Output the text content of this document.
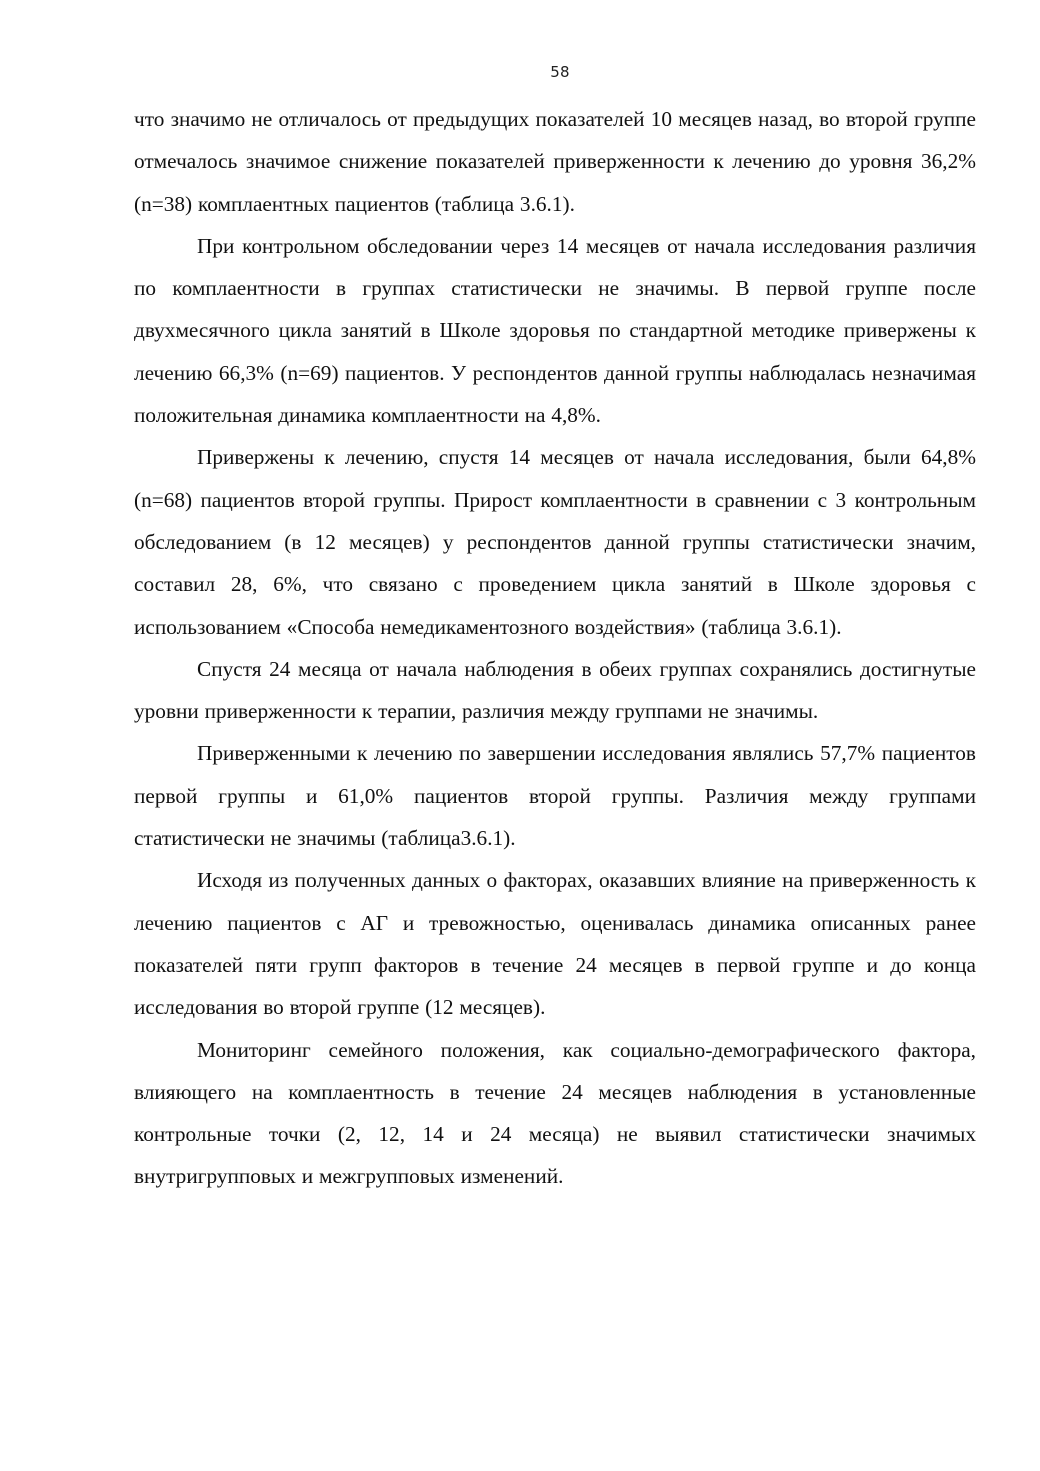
58

что значимо не отличалось от предыдущих показателей 10 месяцев назад, во второй группе отмечалось значимое снижение показателей приверженности к лечению до уровня 36,2% (n=38) комплаентных пациентов (таблица 3.6.1).

При контрольном обследовании через 14 месяцев от начала исследования различия по комплаентности в группах статистически не значимы. В первой группе после двухмесячного цикла занятий в Школе здоровья по стандартной методике привержены к лечению 66,3% (n=69) пациентов. У респондентов данной группы наблюдалась незначимая положительная динамика комплаентности на 4,8%.

Привержены к лечению, спустя 14 месяцев от начала исследования, были 64,8% (n=68) пациентов второй группы. Прирост комплаентности в сравнении с 3 контрольным обследованием (в 12 месяцев) у респондентов данной группы статистически значим, составил 28, 6%, что связано с проведением цикла занятий в Школе здоровья с использованием «Способа немедикаментозного воздействия» (таблица 3.6.1).

Спустя 24 месяца от начала наблюдения в обеих группах сохранялись достигнутые уровни приверженности к терапии, различия между группами не значимы.

Приверженными к лечению по завершении исследования являлись 57,7% пациентов первой группы и 61,0% пациентов второй группы. Различия между группами статистически не значимы (таблица3.6.1).

Исходя из полученных данных о факторах, оказавших влияние на приверженность к лечению пациентов с АГ и тревожностью, оценивалась динамика описанных ранее показателей пяти групп факторов в течение 24 месяцев в первой группе и до конца исследования во второй группе (12 месяцев).

Мониторинг семейного положения, как социально-демографического фактора, влияющего на комплаентность в течение 24 месяцев наблюдения в установленные контрольные точки (2, 12, 14 и 24 месяца) не выявил статистически значимых внутригрупповых и межгрупповых изменений.
